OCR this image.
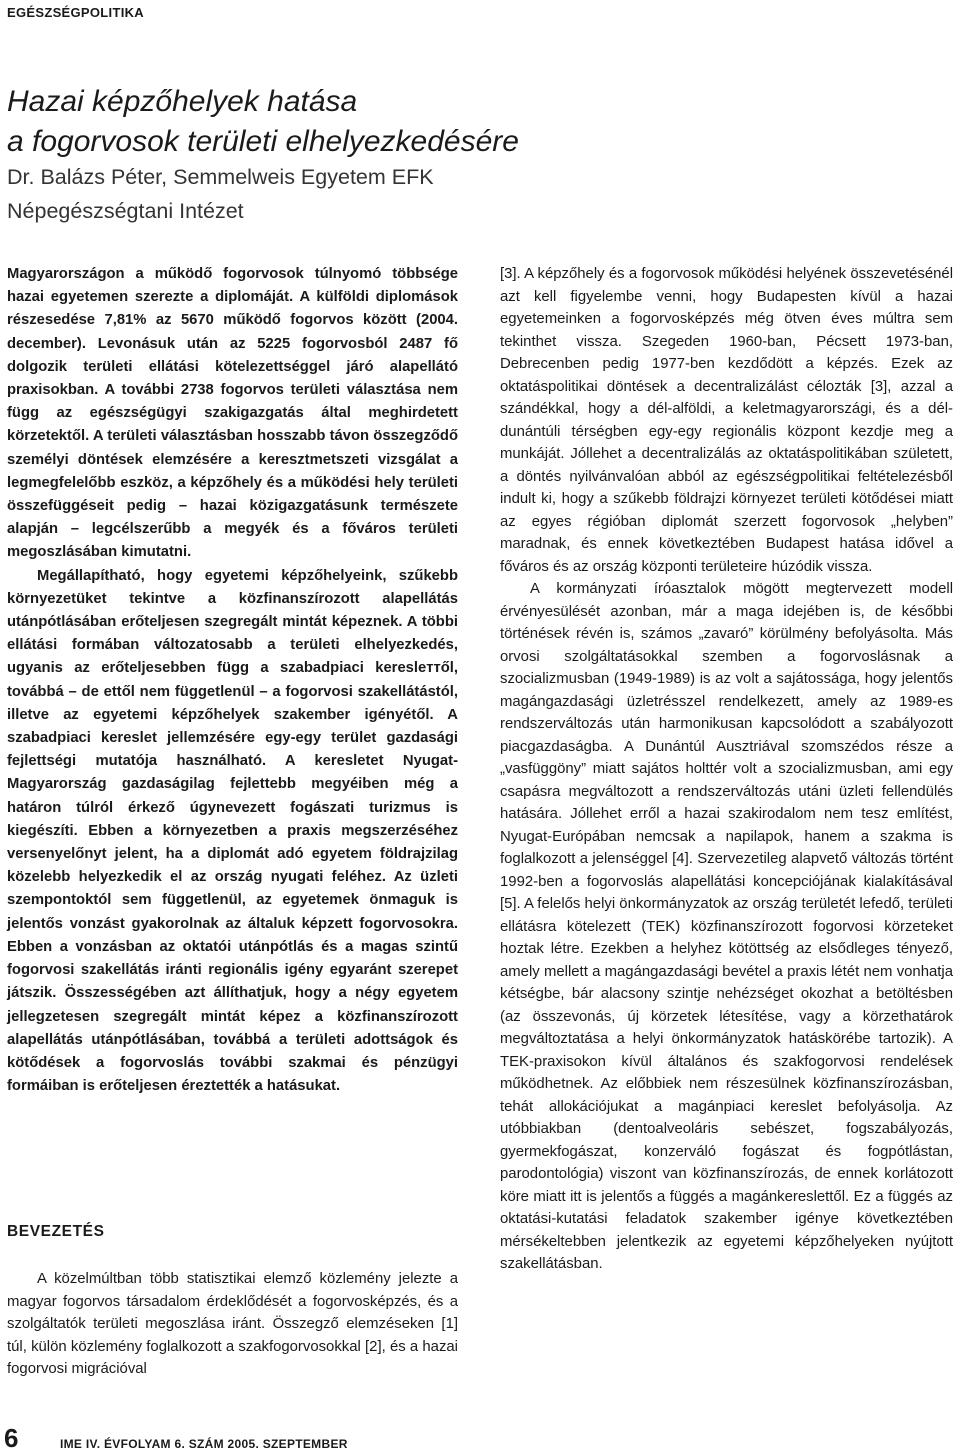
EGÉSZSÉGPOLITIKA
Hazai képzőhelyek hatása
a fogorvosok területi elhelyezkedésére
Dr. Balázs Péter, Semmelweis Egyetem EFK
Népegészségtani Intézet

Magyarországon a működő fogorvosok túlnyomó többsége hazai egyetemen szerezte a diplomáját. A külföldi diplomások részesedése 7,81% az 5670 működő fogorvos között (2004. december). Levonásuk után az 5225 fogorvosból 2487 fő dolgozik területi ellátási kötelezettséggel járó alapellátó praxisokban. A további 2738 fogorvos területi választása nem függ az egészségügyi szakigazgatás által meghirdetett körzetektől. A területi választásban hosszabb távon összegződő személyi döntések elemzésére a keresztmetszeti vizsgálat a legmegfelelőbb eszköz, a képzőhely és a működési hely területi összefüggéseit pedig – hazai közigazgatásunk természete alapján – legcélszerűbb a megyék és a főváros területi megoszlásában kimutatni.

Megállapítható, hogy egyetemi képzőhelyeink, szűkebb környezetüket tekintve a közfinanszírozott alapellátás utánpótlásában erőteljesen szegregált mintát képeznek. A többi ellátási formában változatosabb a területi elhelyezkedés, ugyanis az erőteljesebben függ a szabadpiaci keresleттől, továbbá – de ettől nem függetlenül – a fogorvosi szakellátástól, illetve az egyetemi képzőhelyek szakember igényétől. A szabadpiaci kereslet jellemzésére egy-egy terület gazdasági fejlettségi mutatója használható. A keresletet Nyugat-Magyarország gazdaságilag fejlettebb megyéiben még a határon túlról érkező úgynevezett fogászati turizmus is kiegészíti. Ebben a környezetben a praxis megszerzéséhez versenyelőnyt jelent, ha a diplomát adó egyetem földrajzilag közelebb helyezkedik el az ország nyugati feléhez. Az üzleti szempontoktól sem függetlenül, az egyetemek önmaguk is jelentős vonzást gyakorolnak az általuk képzett fogorvosokra. Ebben a vonzásban az oktatói utánpótlás és a magas szintű fogorvosi szakellátás iránti regionális igény egyaránt szerepet játszik. Összességében azt állíthatjuk, hogy a négy egyetem jellegzetesen szegregált mintát képez a közfinanszírozott alapellátás utánpótlásában, továbbá a területi adottságok és kötődések a fogorvoslás további szakmai és pénzügyi formáiban is erőteljesen éreztették a hatásukat.

BEVEZETÉS

A közelmúltban több statisztikai elemző közlemény jelezte a magyar fogorvos társadalom érdeklődését a fogorvosképzés, és a szolgáltatók területi megoszlása iránt. Összegző elemzéseken [1] túl, külön közlemény foglalkozott a szakfogorvosokkal [2], és a hazai fogorvosi migrációval

[3]. A képzőhely és a fogorvosok működési helyének összevetésénél azt kell figyelembe venni, hogy Budapesten kívül a hazai egyetemeinken a fogorvosképzés még ötven éves múltra sem tekinthet vissza. Szegeden 1960-ban, Pécsett 1973-ban, Debrecenben pedig 1977-ben kezdődött a képzés. Ezek az oktatáspolitikai döntések a decentralizálást célozták [3], azzal a szándékkal, hogy a dél-alföldi, a keletmagyarországi, és a dél-dunántúli térségben egy-egy regionális központ kezdje meg a munkáját. Jóllehet a decentralizálás az oktatáspolitikában született, a döntés nyilvánvalóan abból az egészségpolitikai feltételezésből indult ki, hogy a szűkebb földrajzi környezet területi kötődései miatt az egyes régióban diplomát szerzett fogorvosok „helyben” maradnak, és ennek következtében Budapest hatása idővel a főváros és az ország központi területeire húzódik vissza.

A kormányzati íróasztalok mögött megtervezett modell érvényesülését azonban, már a maga idejében is, de későbbi történések révén is, számos „zavaró” körülmény befolyásolta. Más orvosi szolgáltatásokkal szemben a fogorvoslásnak a szocializmusban (1949-1989) is az volt a sajátossága, hogy jelentős magángazdasági üzletrésszel rendelkezett, amely az 1989-es rendszerváltozás után harmonikusan kapcsolódott a szabályozott piacgazdaságba. A Dunántúl Ausztriával szomszédos része a „vasfüggöny” miatt sajátos holttér volt a szocializmusban, ami egy csapásra megváltozott a rendszerváltozás utáni üzleti fellendülés hatására. Jóllehet erről a hazai szakirodalom nem tesz említést, Nyugat-Európában nemcsak a napilapok, hanem a szakma is foglalkozott a jelenséggel [4]. Szervezetileg alapvető változás történt 1992-ben a fogorvoslás alapellátási koncepciójának kialakításával [5]. A felelős helyi önkormányzatok az ország területét lefedő, területi ellátásra kötelezett (TEK) közfinanszírozott fogorvosi körzeteket hoztak létre. Ezekben a helyhez kötöttség az elsődleges tényező, amely mellett a magángazdasági bevétel a praxis létét nem vonhatja kétségbe, bár alacsony szintje nehézséget okozhat a betöltésben (az összevonás, új körzetek létesítése, vagy a körzethatárok megváltoztatása a helyi önkormányzatok hatáskörébe tartozik). A TEK-praxisokon kívül általános és szakfogorvosi rendelések működhetnek. Az előbbiek nem részesülnek közfinanszírozásban, tehát allokációjukat a magánpiaci kereslet befolyásolja. Az utóbbiakban (dentoalveoláris sebészet, fogszabályozás, gyermekfogászat, konzerváló fogászat és fogpótlástan, parodontológia) viszont van közfinanszírozás, de ennek korlátozott köre miatt itt is jelentős a függés a magánkereslettől. Ez a függés az oktatási-kutatási feladatok szakember igénye következtében mérsékeltebben jelentkezik az egyetemi képzőhelyeken nyújtott szakellátásban.

6	IME IV. ÉVFOLYAM 6. SZÁM 2005. SZEPTEMBER
